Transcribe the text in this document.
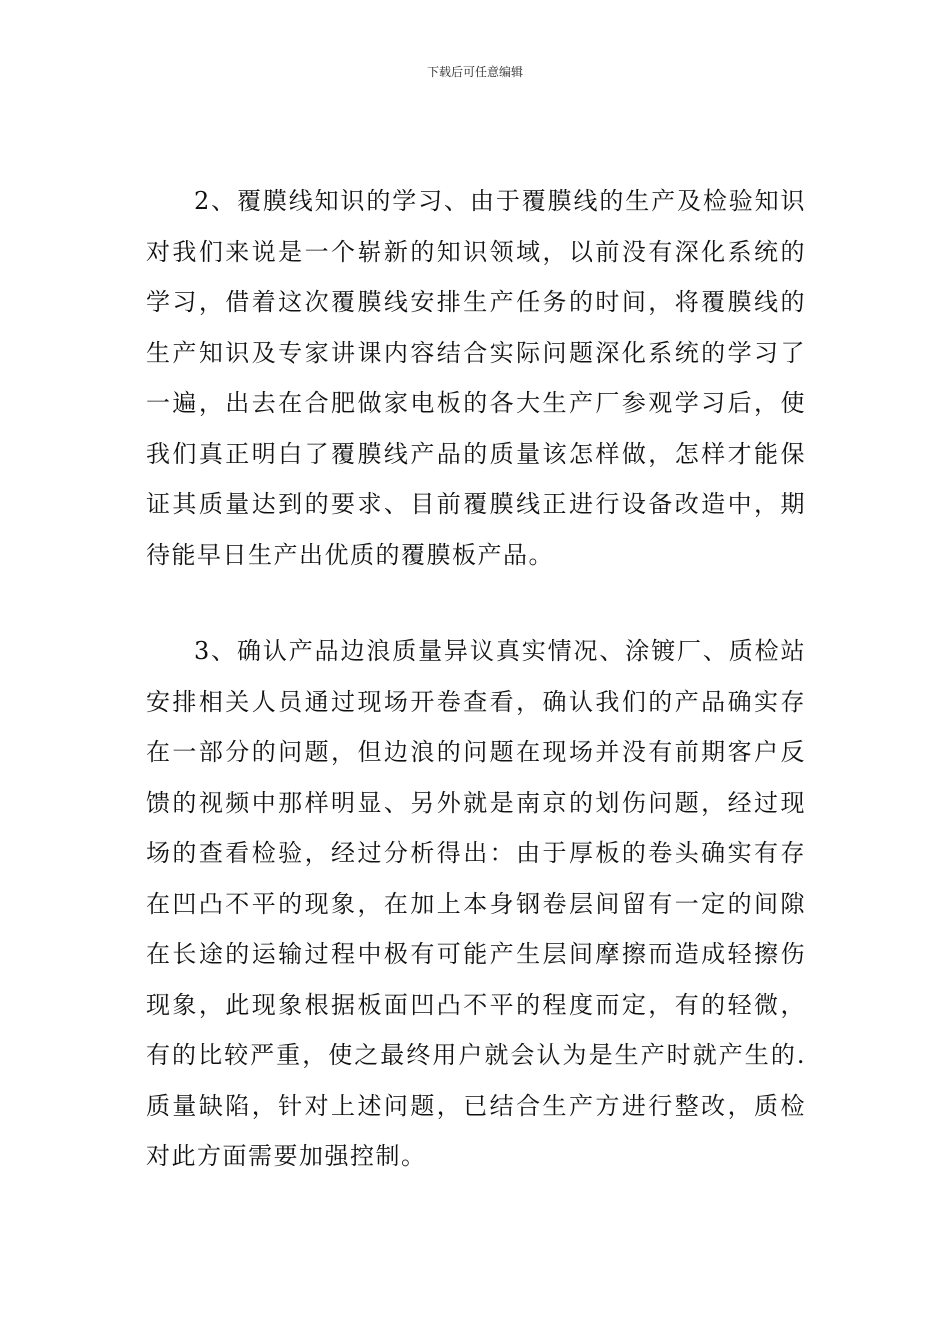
下载后可任意编辑

2、覆膜线知识的学习、由于覆膜线的生产及检验知识对我们来说是一个崭新的知识领域，以前没有深化系统的学习，借着这次覆膜线安排生产任务的时间，将覆膜线的生产知识及专家讲课内容结合实际问题深化系统的学习了一遍，出去在合肥做家电板的各大生产厂参观学习后，使我们真正明白了覆膜线产品的质量该怎样做，怎样才能保证其质量达到的要求、目前覆膜线正进行设备改造中，期待能早日生产出优质的覆膜板产品。

3、确认产品边浪质量异议真实情况、涂镀厂、质检站安排相关人员通过现场开卷查看，确认我们的产品确实存在一部分的问题，但边浪的问题在现场并没有前期客户反馈的视频中那样明显、另外就是南京的划伤问题，经过现场的查看检验，经过分析得出：由于厚板的卷头确实有存在凹凸不平的现象，在加上本身钢卷层间留有一定的间隙在长途的运输过程中极有可能产生层间摩擦而造成轻擦伤现象，此现象根据板面凹凸不平的程度而定，有的轻微，有的比较严重，使之最终用户就会认为是生产时就产生的.质量缺陷，针对上述问题，已结合生产方进行整改，质检对此方面需要加强控制。
